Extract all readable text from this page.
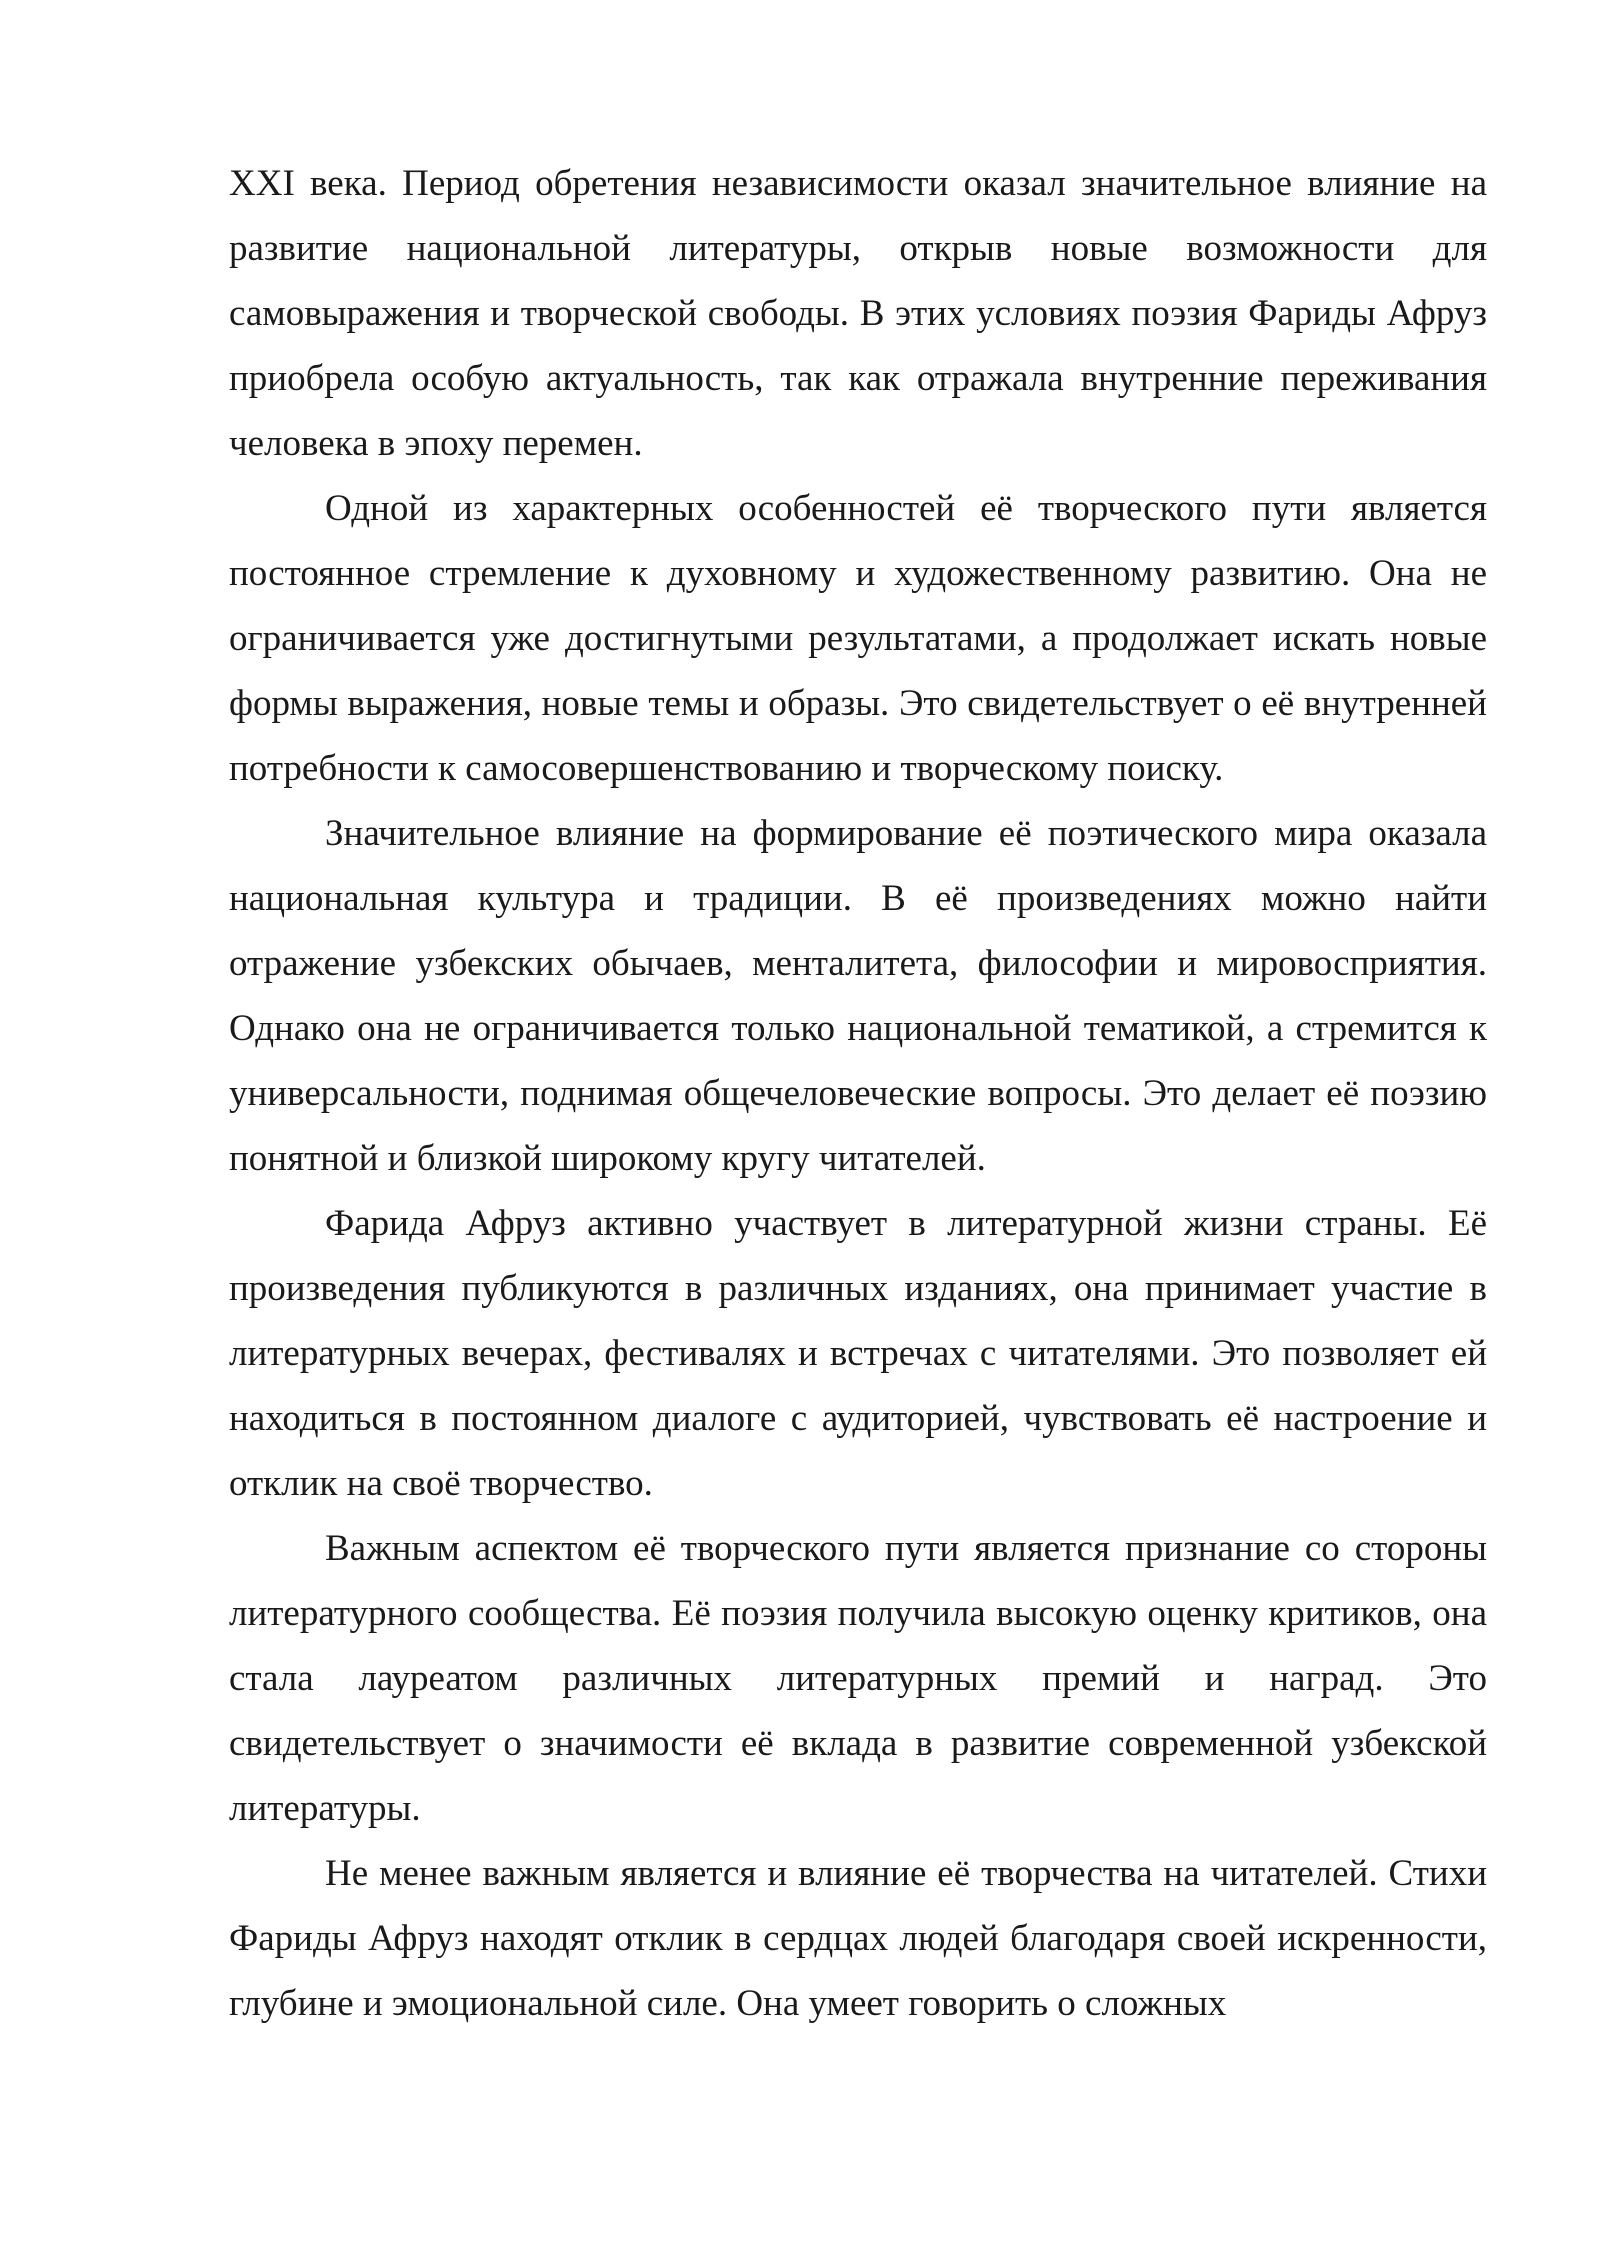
XXI века. Период обретения независимости оказал значительное влияние на развитие национальной литературы, открыв новые возможности для самовыражения и творческой свободы. В этих условиях поэзия Фариды Афруз приобрела особую актуальность, так как отражала внутренние переживания человека в эпоху перемен.

Одной из характерных особенностей её творческого пути является постоянное стремление к духовному и художественному развитию. Она не ограничивается уже достигнутыми результатами, а продолжает искать новые формы выражения, новые темы и образы. Это свидетельствует о её внутренней потребности к самосовершенствованию и творческому поиску.

Значительное влияние на формирование её поэтического мира оказала национальная культура и традиции. В её произведениях можно найти отражение узбекских обычаев, менталитета, философии и мировосприятия. Однако она не ограничивается только национальной тематикой, а стремится к универсальности, поднимая общечеловеческие вопросы. Это делает её поэзию понятной и близкой широкому кругу читателей.

Фарида Афруз активно участвует в литературной жизни страны. Её произведения публикуются в различных изданиях, она принимает участие в литературных вечерах, фестивалях и встречах с читателями. Это позволяет ей находиться в постоянном диалоге с аудиторией, чувствовать её настроение и отклик на своё творчество.

Важным аспектом её творческого пути является признание со стороны литературного сообщества. Её поэзия получила высокую оценку критиков, она стала лауреатом различных литературных премий и наград. Это свидетельствует о значимости её вклада в развитие современной узбекской литературы.

Не менее важным является и влияние её творчества на читателей. Стихи Фариды Афруз находят отклик в сердцах людей благодаря своей искренности, глубине и эмоциональной силе. Она умеет говорить о сложных
